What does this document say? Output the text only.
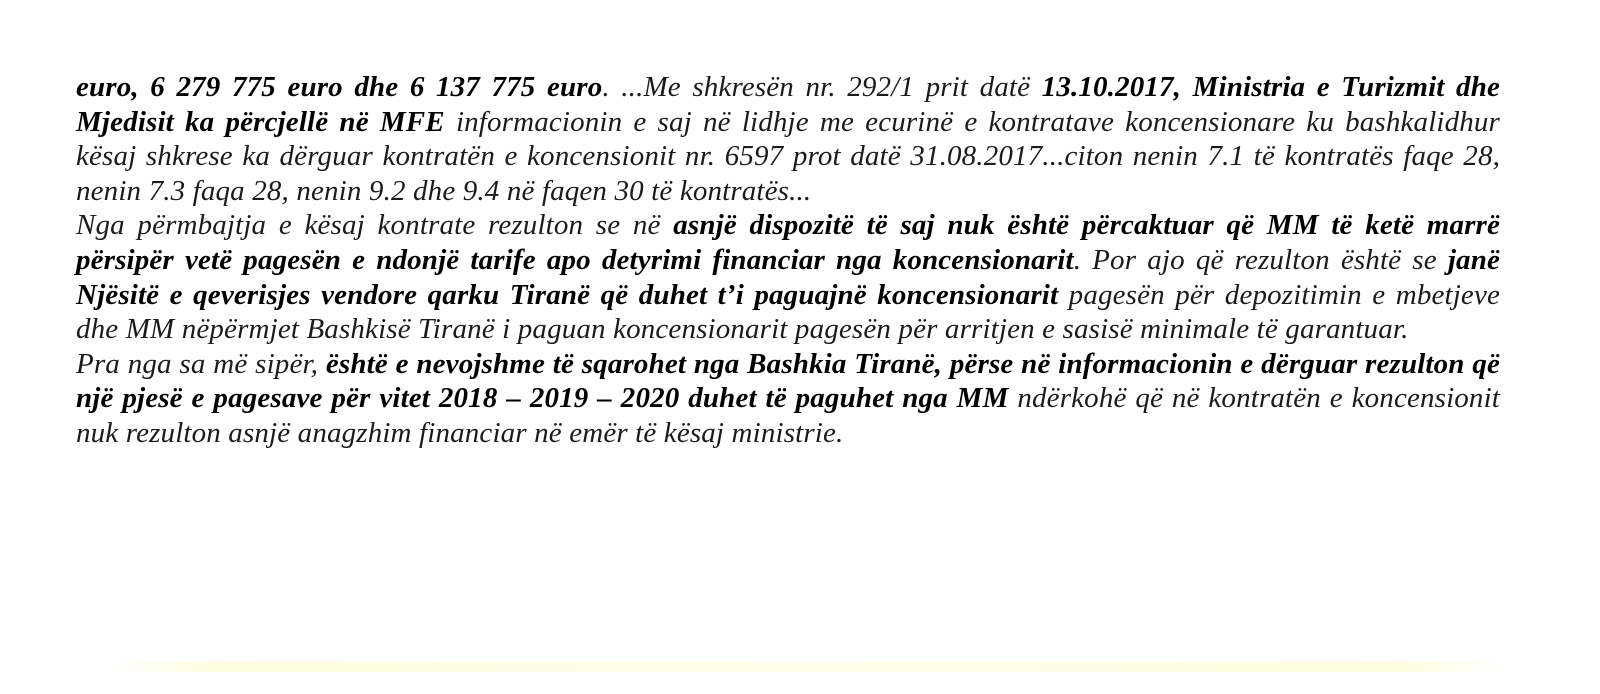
euro, 6 279 775 euro dhe 6 137 775 euro. ...Me shkresën nr. 292/1 prit datë 13.10.2017, Ministria e Turizmit dhe Mjedisit ka përcjellë në MFE informacionin e saj në lidhje me ecurinë e kontratave koncensionare ku bashkalidhur kësaj shkrese ka dërguar kontratën e koncensionit nr. 6597 prot datë 31.08.2017...citon nenin 7.1 të kontratës faqe 28, nenin 7.3 faqa 28, nenin 9.2 dhe 9.4 në faqen 30 të kontratës...

Nga përmbajtja e kësaj kontrate rezulton se në asnjë dispozitë të saj nuk është përcaktuar që MM të ketë marrë përsipër vetë pagesën e ndonjë tarife apo detyrimi financiar nga koncensionarit. Por ajo që rezulton është se janë Njësitë e qeverisjes vendore qarku Tiranë që duhet t’i paguajnë koncensionarit pagesën për depozitimin e mbetjeve dhe MM nëpërmjet Bashkisë Tiranë i paguan koncensionarit pagesën për arritjen e sasisë minimale të garantuar.

Pra nga sa më sipër, është e nevojshme të sqarohet nga Bashkia Tiranë, përse në informacionin e dërguar rezulton që një pjesë e pagesave për vitet 2018 – 2019 – 2020 duhet të paguhet nga MM ndërkohë që në kontratën e koncensionit nuk rezulton asnjë anagzhim financiar në emër të kësaj ministrie.
